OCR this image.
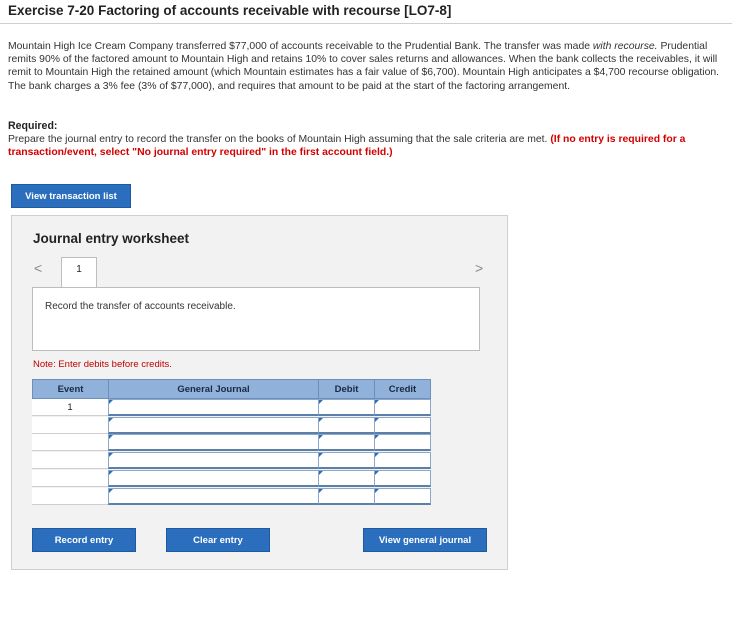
Exercise 7-20 Factoring of accounts receivable with recourse [LO7-8]
Mountain High Ice Cream Company transferred $77,000 of accounts receivable to the Prudential Bank. The transfer was made with recourse. Prudential remits 90% of the factored amount to Mountain High and retains 10% to cover sales returns and allowances. When the bank collects the receivables, it will remit to Mountain High the retained amount (which Mountain estimates has a fair value of $6,700). Mountain High anticipates a $4,700 recourse obligation. The bank charges a 3% fee (3% of $77,000), and requires that amount to be paid at the start of the factoring arrangement.
Required:
Prepare the journal entry to record the transfer on the books of Mountain High assuming that the sale criteria are met. (If no entry is required for a transaction/event, select "No journal entry required" in the first account field.)
View transaction list
Journal entry worksheet
<	1	>
Record the transfer of accounts receivable.
Note: Enter debits before credits.
Event	General Journal	Debit	Credit
1
Record entry	Clear entry	View general journal
